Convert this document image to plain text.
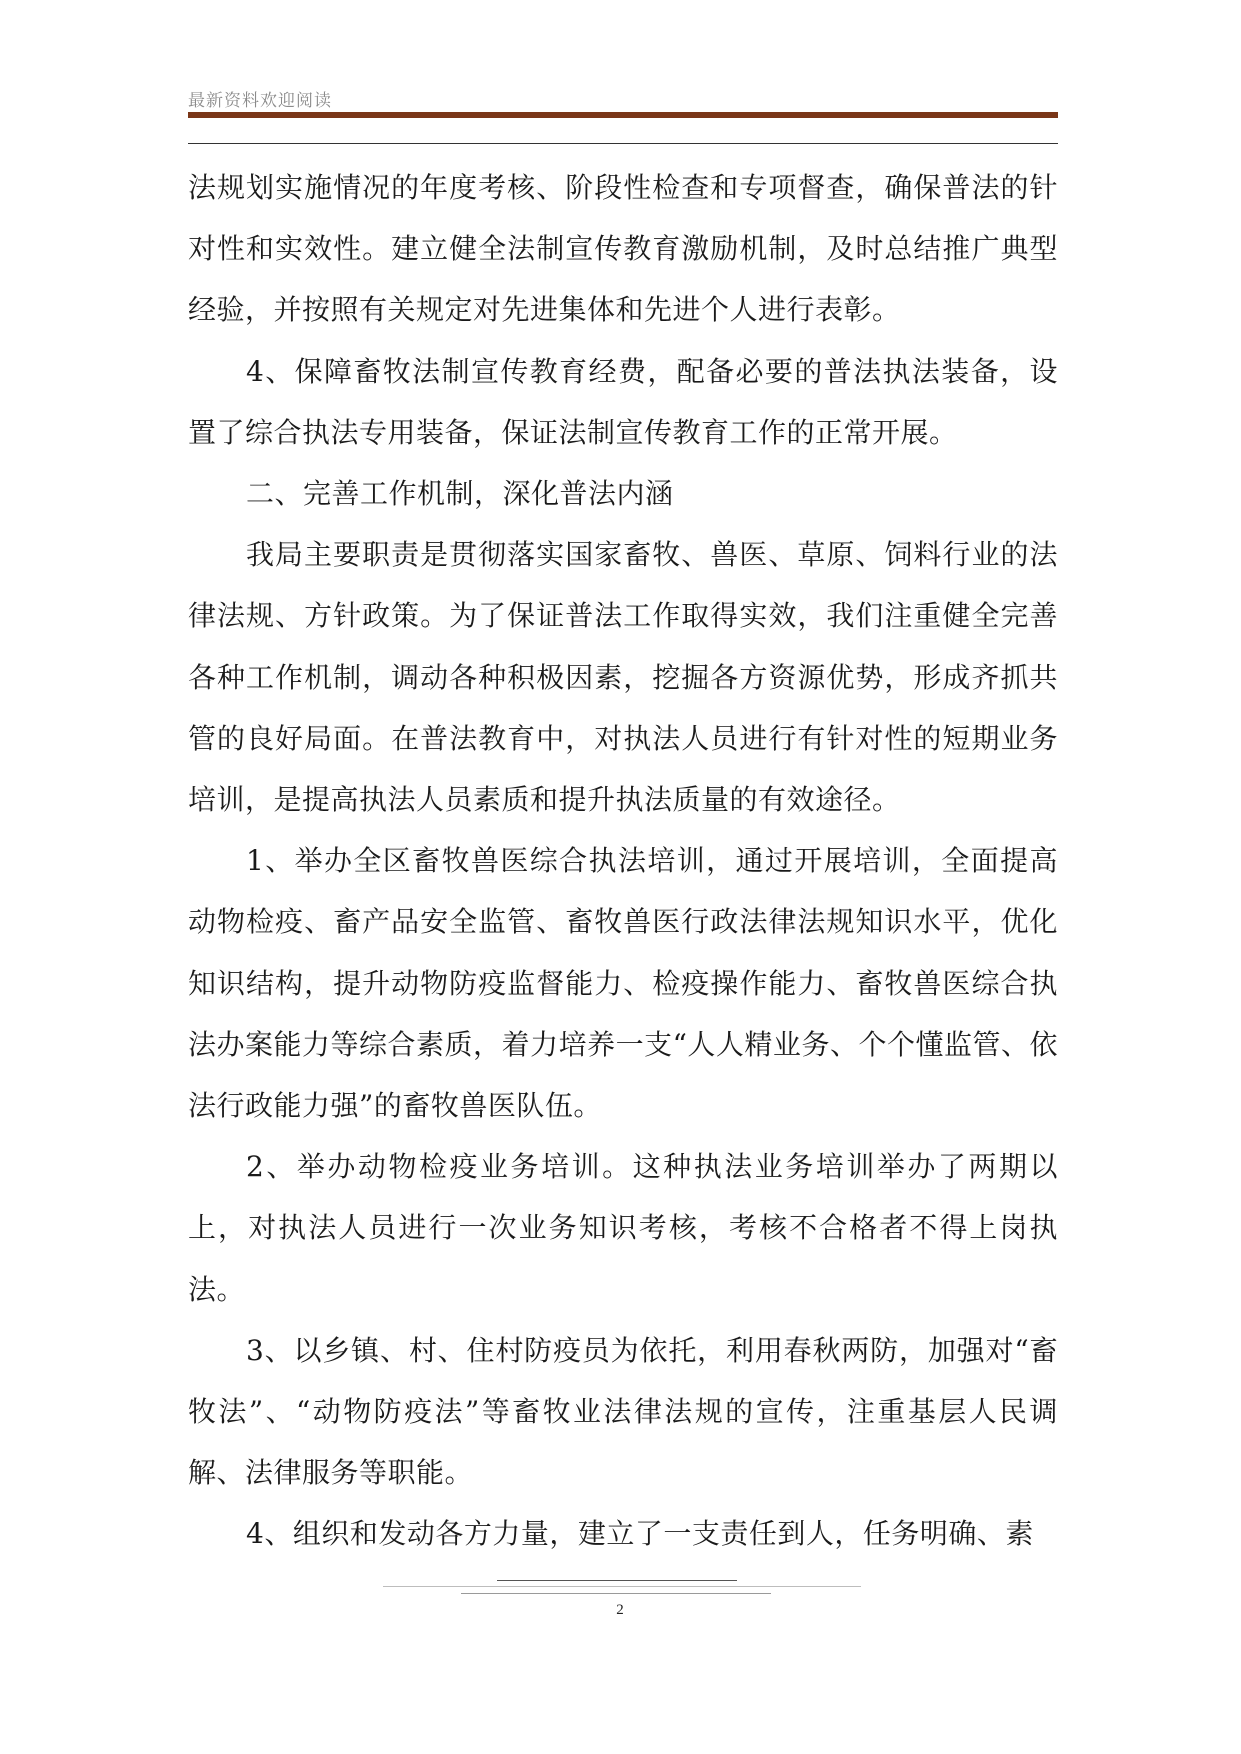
最新资料欢迎阅读

法规划实施情况的年度考核、阶段性检查和专项督查，确保普法的针对性和实效性。建立健全法制宣传教育激励机制，及时总结推广典型经验，并按照有关规定对先进集体和先进个人进行表彰。

4、保障畜牧法制宣传教育经费，配备必要的普法执法装备，设置了综合执法专用装备，保证法制宣传教育工作的正常开展。

二、完善工作机制，深化普法内涵

我局主要职责是贯彻落实国家畜牧、兽医、草原、饲料行业的法律法规、方针政策。为了保证普法工作取得实效，我们注重健全完善各种工作机制，调动各种积极因素，挖掘各方资源优势，形成齐抓共管的良好局面。在普法教育中，对执法人员进行有针对性的短期业务培训，是提高执法人员素质和提升执法质量的有效途径。

1、举办全区畜牧兽医综合执法培训，通过开展培训，全面提高动物检疫、畜产品安全监管、畜牧兽医行政法律法规知识水平，优化知识结构，提升动物防疫监督能力、检疫操作能力、畜牧兽医综合执法办案能力等综合素质，着力培养一支“人人精业务、个个懂监管、依法行政能力强”的畜牧兽医队伍。

2、举办动物检疫业务培训。这种执法业务培训举办了两期以上，对执法人员进行一次业务知识考核，考核不合格者不得上岗执法。

3、以乡镇、村、住村防疫员为依托，利用春秋两防，加强对“畜牧法”、“动物防疫法”等畜牧业法律法规的宣传，注重基层人民调解、法律服务等职能。

4、组织和发动各方力量，建立了一支责任到人，任务明确、素

2
